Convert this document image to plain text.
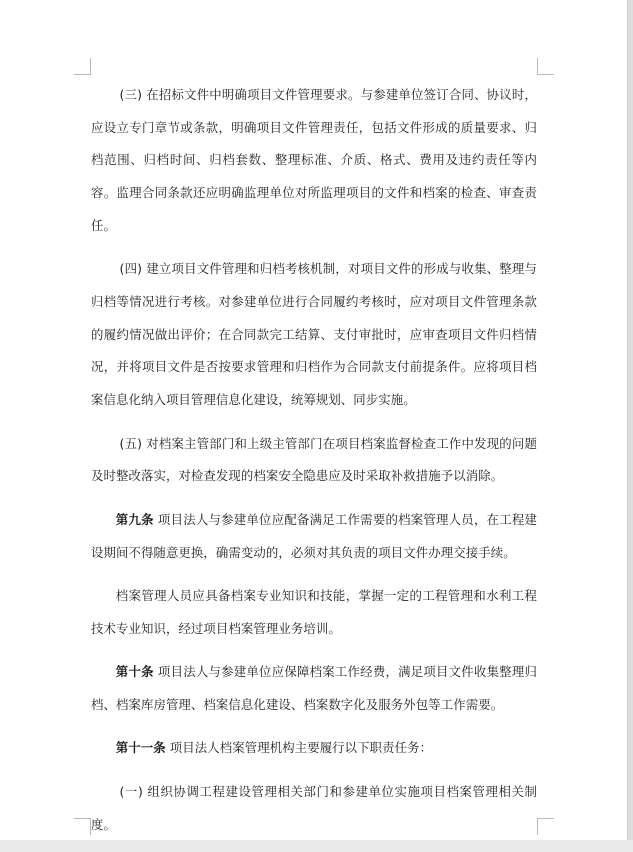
(三) 在招标文件中明确项目文件管理要求。与参建单位签订合同、协议时，应设立专门章节或条款，明确项目文件管理责任，包括文件形成的质量要求、归档范围、归档时间、归档套数、整理标准、介质、格式、费用及违约责任等内容。监理合同条款还应明确监理单位对所监理项目的文件和档案的检查、审查责任。

(四) 建立项目文件管理和归档考核机制，对项目文件的形成与收集、整理与归档等情况进行考核。对参建单位进行合同履约考核时，应对项目文件管理条款的履约情况做出评价；在合同款完工结算、支付审批时，应审查项目文件归档情况，并将项目文件是否按要求管理和归档作为合同款支付前提条件。应将项目档案信息化纳入项目管理信息化建设，统筹规划、同步实施。

(五) 对档案主管部门和上级主管部门在项目档案监督检查工作中发现的问题及时整改落实，对检查发现的档案安全隐患应及时采取补救措施予以消除。

第九条 项目法人与参建单位应配备满足工作需要的档案管理人员，在工程建设期间不得随意更换，确需变动的，必须对其负责的项目文件办理交接手续。

档案管理人员应具备档案专业知识和技能，掌握一定的工程管理和水利工程技术专业知识，经过项目档案管理业务培训。

第十条 项目法人与参建单位应保障档案工作经费，满足项目文件收集整理归档、档案库房管理、档案信息化建设、档案数字化及服务外包等工作需要。

第十一条 项目法人档案管理机构主要履行以下职责任务：

(一) 组织协调工程建设管理相关部门和参建单位实施项目档案管理相关制度。
